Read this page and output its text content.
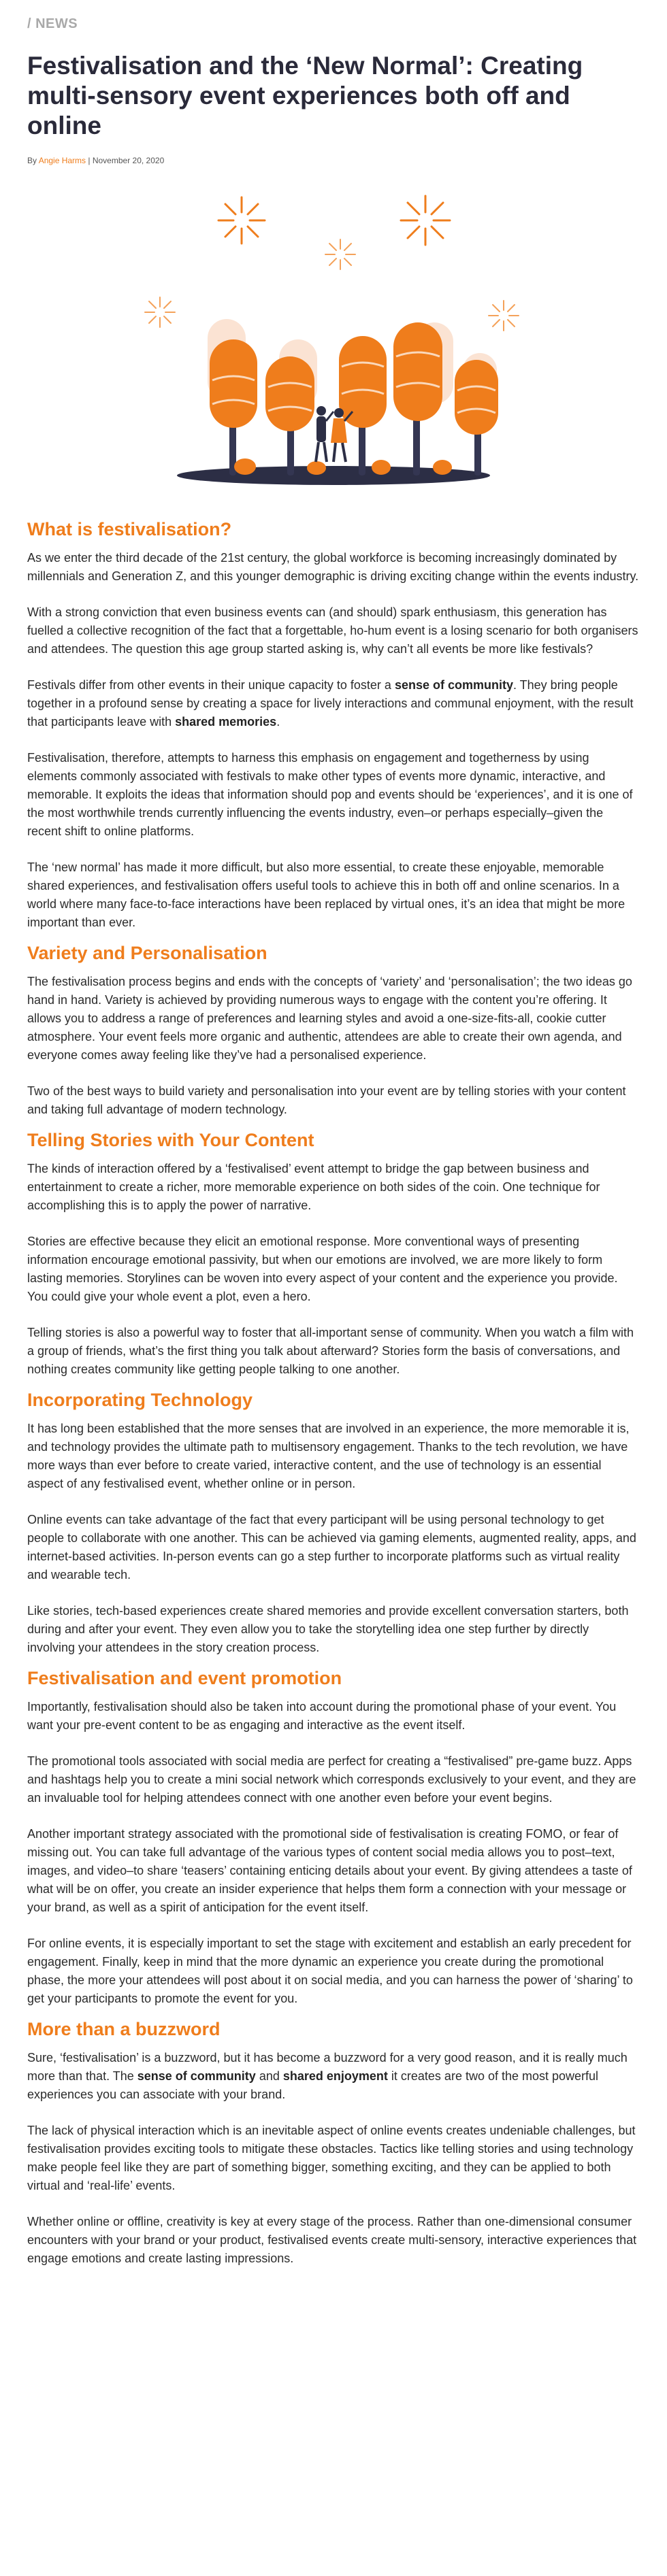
/ NEWS
Festivalisation and the ‘New Normal’: Creating multi-sensory event experiences both off and online
By Angie Harms | November 20, 2020
What is festivalisation?

As we enter the third decade of the 21st century, the global workforce is becoming increasingly dominated by millennials and Generation Z, and this younger demographic is driving exciting change within the events industry.

With a strong conviction that even business events can (and should) spark enthusiasm, this generation has fuelled a collective recognition of the fact that a forgettable, ho-hum event is a losing scenario for both organisers and attendees. The question this age group started asking is, why can’t all events be more like festivals?

Festivals differ from other events in their unique capacity to foster a sense of community. They bring people together in a profound sense by creating a space for lively interactions and communal enjoyment, with the result that participants leave with shared memories.

Festivalisation, therefore, attempts to harness this emphasis on engagement and togetherness by using elements commonly associated with festivals to make other types of events more dynamic, interactive, and memorable. It exploits the ideas that information should pop and events should be ‘experiences’, and it is one of the most worthwhile trends currently influencing the events industry, even–or perhaps especially–given the recent shift to online platforms.

The ‘new normal’ has made it more difficult, but also more essential, to create these enjoyable, memorable shared experiences, and festivalisation offers useful tools to achieve this in both off and online scenarios. In a world where many face-to-face interactions have been replaced by virtual ones, it’s an idea that might be more important than ever.

Variety and Personalisation

The festivalisation process begins and ends with the concepts of ‘variety’ and ‘personalisation’; the two ideas go hand in hand. Variety is achieved by providing numerous ways to engage with the content you’re offering. It allows you to address a range of preferences and learning styles and avoid a one-size-fits-all, cookie cutter atmosphere. Your event feels more organic and authentic, attendees are able to create their own agenda, and everyone comes away feeling like they’ve had a personalised experience.

Two of the best ways to build variety and personalisation into your event are by telling stories with your content and taking full advantage of modern technology.

Telling Stories with Your Content

The kinds of interaction offered by a ‘festivalised’ event attempt to bridge the gap between business and entertainment to create a richer, more memorable experience on both sides of the coin. One technique for accomplishing this is to apply the power of narrative.

Stories are effective because they elicit an emotional response. More conventional ways of presenting information encourage emotional passivity, but when our emotions are involved, we are more likely to form lasting memories. Storylines can be woven into every aspect of your content and the experience you provide. You could give your whole event a plot, even a hero.

Telling stories is also a powerful way to foster that all-important sense of community. When you watch a film with a group of friends, what’s the first thing you talk about afterward? Stories form the basis of conversations, and nothing creates community like getting people talking to one another.

Incorporating Technology

It has long been established that the more senses that are involved in an experience, the more memorable it is, and technology provides the ultimate path to multisensory engagement. Thanks to the tech revolution, we have more ways than ever before to create varied, interactive content, and the use of technology is an essential aspect of any festivalised event, whether online or in person.

Online events can take advantage of the fact that every participant will be using personal technology to get people to collaborate with one another. This can be achieved via gaming elements, augmented reality, apps, and internet-based activities. In-person events can go a step further to incorporate platforms such as virtual reality and wearable tech.

Like stories, tech-based experiences create shared memories and provide excellent conversation starters, both during and after your event. They even allow you to take the storytelling idea one step further by directly involving your attendees in the story creation process.

Festivalisation and event promotion

Importantly, festivalisation should also be taken into account during the promotional phase of your event. You want your pre-event content to be as engaging and interactive as the event itself.

The promotional tools associated with social media are perfect for creating a “festivalised” pre-game buzz. Apps and hashtags help you to create a mini social network which corresponds exclusively to your event, and they are an invaluable tool for helping attendees connect with one another even before your event begins.

Another important strategy associated with the promotional side of festivalisation is creating FOMO, or fear of missing out. You can take full advantage of the various types of content social media allows you to post–text, images, and video–to share ‘teasers’ containing enticing details about your event. By giving attendees a taste of what will be on offer, you create an insider experience that helps them form a connection with your message or your brand, as well as a spirit of anticipation for the event itself.

For online events, it is especially important to set the stage with excitement and establish an early precedent for engagement. Finally, keep in mind that the more dynamic an experience you create during the promotional phase, the more your attendees will post about it on social media, and you can harness the power of ‘sharing’ to get your participants to promote the event for you.

More than a buzzword

Sure, ‘festivalisation’ is a buzzword, but it has become a buzzword for a very good reason, and it is really much more than that. The sense of community and shared enjoyment it creates are two of the most powerful experiences you can associate with your brand.

The lack of physical interaction which is an inevitable aspect of online events creates undeniable challenges, but festivalisation provides exciting tools to mitigate these obstacles. Tactics like telling stories and using technology make people feel like they are part of something bigger, something exciting, and they can be applied to both virtual and ‘real-life’ events.

Whether online or offline, creativity is key at every stage of the process. Rather than one-dimensional consumer encounters with your brand or your product, festivalised events create multi-sensory, interactive experiences that engage emotions and create lasting impressions.
